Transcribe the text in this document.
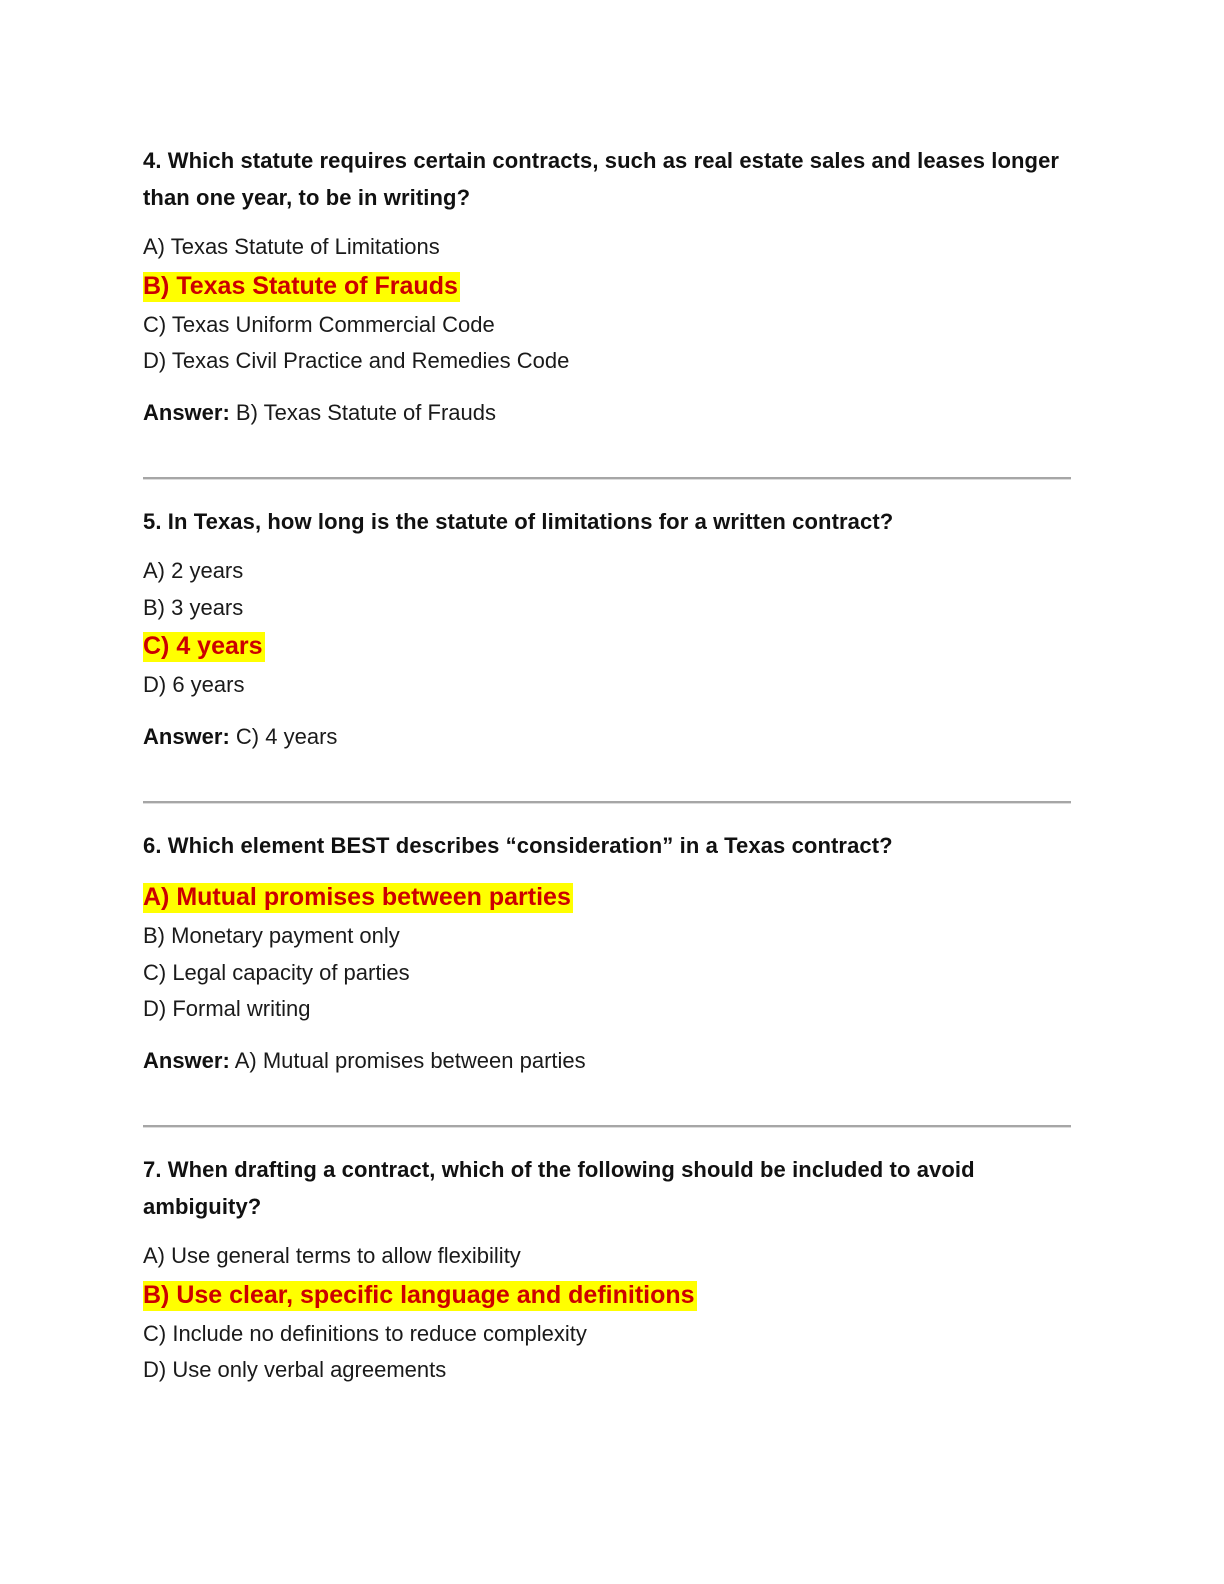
4. Which statute requires certain contracts, such as real estate sales and leases longer than one year, to be in writing?

A) Texas Statute of Limitations
B) Texas Statute of Frauds
C) Texas Uniform Commercial Code
D) Texas Civil Practice and Remedies Code

Answer: B) Texas Statute of Frauds

5. In Texas, how long is the statute of limitations for a written contract?

A) 2 years
B) 3 years
C) 4 years
D) 6 years

Answer: C) 4 years

6. Which element BEST describes “consideration” in a Texas contract?

A) Mutual promises between parties
B) Monetary payment only
C) Legal capacity of parties
D) Formal writing

Answer: A) Mutual promises between parties

7. When drafting a contract, which of the following should be included to avoid ambiguity?

A) Use general terms to allow flexibility
B) Use clear, specific language and definitions
C) Include no definitions to reduce complexity
D) Use only verbal agreements
